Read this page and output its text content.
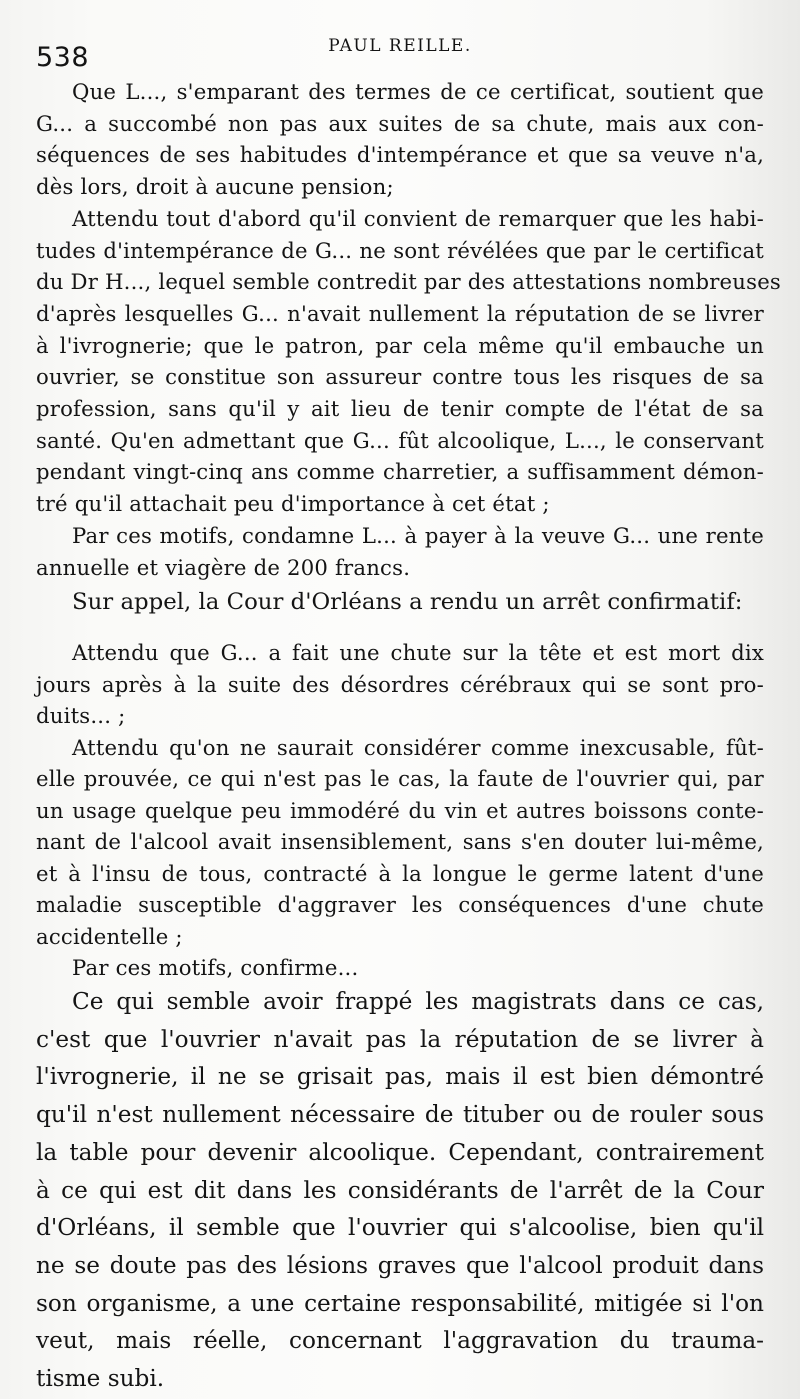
538	PAUL REILLE.
Que L..., s'emparant des termes de ce certificat, soutient que
G... a succombé non pas aux suites de sa chute, mais aux con-
séquences de ses habitudes d'intempérance et que sa veuve n'a,
dès lors, droit à aucune pension;
Attendu tout d'abord qu'il convient de remarquer que les habi-
tudes d'intempérance de G... ne sont révélées que par le certificat
du Dr H..., lequel semble contredit par des attestations nombreuses
d'après lesquelles G... n'avait nullement la réputation de se livrer
à l'ivrognerie; que le patron, par cela même qu'il embauche un
ouvrier, se constitue son assureur contre tous les risques de sa
profession, sans qu'il y ait lieu de tenir compte de l'état de sa
santé. Qu'en admettant que G... fût alcoolique, L..., le conservant
pendant vingt-cinq ans comme charretier, a suffisamment démon-
tré qu'il attachait peu d'importance à cet état ;
Par ces motifs, condamne L... à payer à la veuve G... une rente
annuelle et viagère de 200 francs.
Sur appel, la Cour d'Orléans a rendu un arrêt confirmatif:
Attendu que G... a fait une chute sur la tête et est mort dix
jours après à la suite des désordres cérébraux qui se sont pro-
duits... ;
Attendu qu'on ne saurait considérer comme inexcusable, fût-
elle prouvée, ce qui n'est pas le cas, la faute de l'ouvrier qui, par
un usage quelque peu immodéré du vin et autres boissons conte-
nant de l'alcool avait insensiblement, sans s'en douter lui-même,
et à l'insu de tous, contracté à la longue le germe latent d'une
maladie susceptible d'aggraver les conséquences d'une chute
accidentelle ;
Par ces motifs, confirme...
Ce qui semble avoir frappé les magistrats dans ce cas,
c'est que l'ouvrier n'avait pas la réputation de se livrer à
l'ivrognerie, il ne se grisait pas, mais il est bien démontré
qu'il n'est nullement nécessaire de tituber ou de rouler sous
la table pour devenir alcoolique. Cependant, contrairement
à ce qui est dit dans les considérants de l'arrêt de la Cour
d'Orléans, il semble que l'ouvrier qui s'alcoolise, bien qu'il
ne se doute pas des lésions graves que l'alcool produit dans
son organisme, a une certaine responsabilité, mitigée si l'on
veut, mais réelle, concernant l'aggravation du trauma-
tisme subi.
